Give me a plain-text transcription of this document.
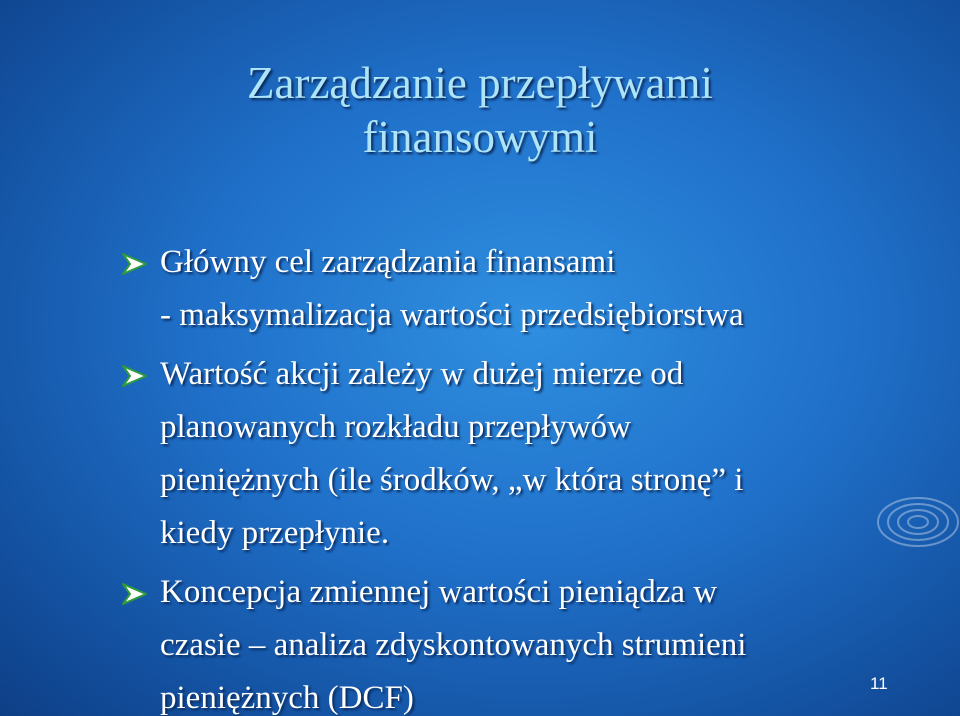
Zarządzanie przepływami
finansowymi
Główny cel zarządzania finansami
- maksymalizacja wartości przedsiębiorstwa
Wartość akcji zależy w dużej mierze od
planowanych rozkładu przepływów
pieniężnych (ile środków, „w która stronę” i
kiedy przepłynie.
Koncepcja zmiennej wartości pieniądza w
czasie – analiza zdyskontowanych strumieni
pieniężnych (DCF)	11
